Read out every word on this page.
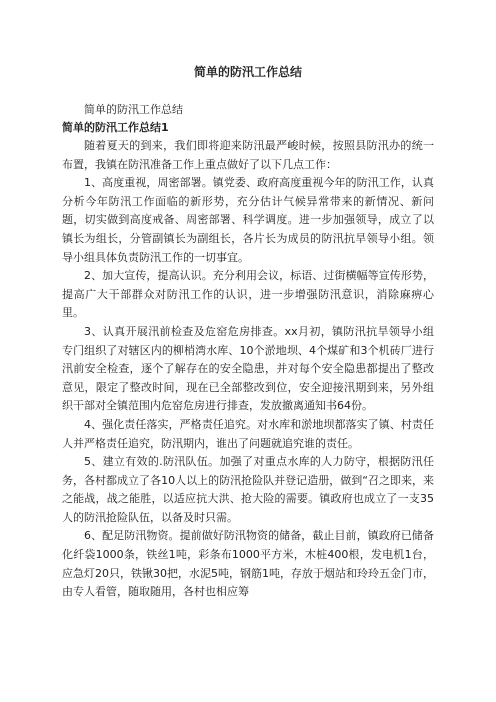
简单的防汛工作总结

简单的防汛工作总结

简单的防汛工作总结1

随着夏天的到来，我们即将迎来防汛最严峻时候，按照县防汛办的统一布置，我镇在防汛准备工作上重点做好了以下几点工作：

1、高度重视，周密部署。镇党委、政府高度重视今年的防汛工作，认真分析今年防汛工作面临的新形势，充分估计气候异常带来的新情况、新问题，切实做到高度戒备、周密部署、科学调度。进一步加强领导，成立了以镇长为组长，分管副镇长为副组长，各片长为成员的防汛抗旱领导小组。领导小组具体负责防汛工作的一切事宜。

2、加大宣传，提高认识。充分利用会议，标语、过街横幅等宣传形势，提高广大干部群众对防汛工作的认识，进一步增强防汛意识，消除麻痹心里。

3、认真开展汛前检查及危窑危房排查。xx月初，镇防汛抗旱领导小组专门组织了对辖区内的柳梢湾水库、10个淤地坝、4个煤矿和3个机砖厂进行汛前安全检查，逐个了解存在的安全隐患，并对每个安全隐患都提出了整改意见，限定了整改时间，现在已全部整改到位，安全迎接汛期到来，另外组织干部对全镇范围内危窑危房进行排查，发放撤离通知书64份。

4、强化责任落实，严格责任追究。对水库和淤地坝都落实了镇、村责任人并严格责任追究，防汛期内，谁出了问题就追究谁的责任。

5、建立有效的.防汛队伍。加强了对重点水库的人力防守，根据防汛任务，各村都成立了各10人以上的防汛抢险队并登记造册，做到“召之即来，来之能战，战之能胜，以适应抗大洪、抢大险的需要。镇政府也成立了一支35人的防汛抢险队伍，以备及时只需。

6、配足防汛物资。提前做好防汛物资的储备，截止目前，镇政府已储备化纤袋1000条，铁丝1吨，彩条布1000平方米，木桩400根，发电机1台，应急灯20只，铁锹30把，水泥5吨，钢筋1吨，存放于烟站和玲玲五金门市，由专人看管，随取随用，各村也相应筹
